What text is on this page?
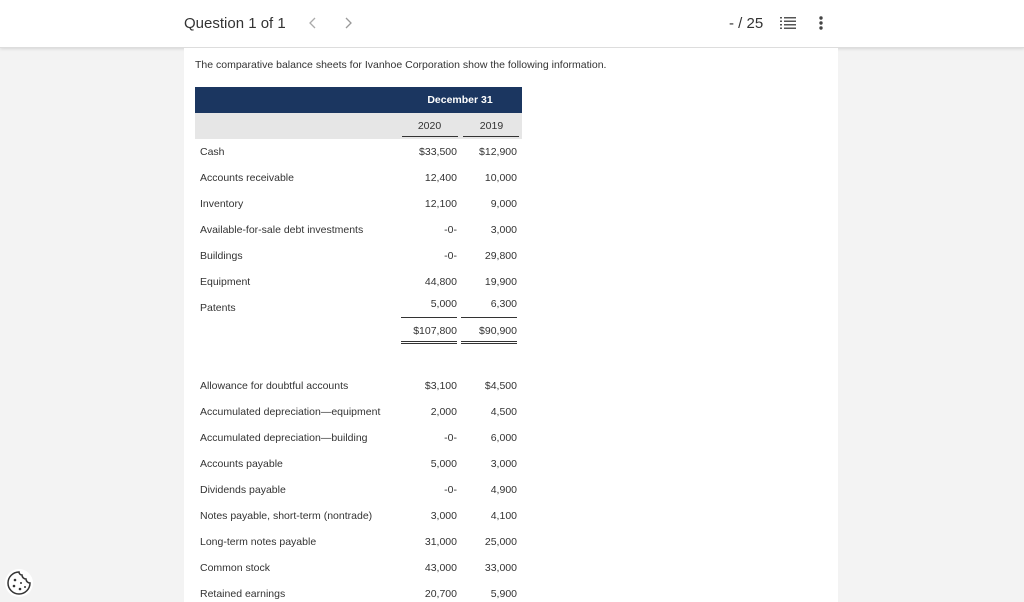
Question 1 of 1	- / 25

The comparative balance sheets for Ivanhoe Corporation show the following information.

	December 31	
	2020	2019
Cash	$33,500	$12,900
Accounts receivable	12,400	10,000
Inventory	12,100	9,000
Available-for-sale debt investments	-0-	3,000
Buildings	-0-	29,800
Equipment	44,800	19,900
Patents	5,000	6,300
	$107,800	$90,900

Allowance for doubtful accounts	$3,100	$4,500
Accumulated depreciation—equipment	2,000	4,500
Accumulated depreciation—building	-0-	6,000
Accounts payable	5,000	3,000
Dividends payable	-0-	4,900
Notes payable, short-term (nontrade)	3,000	4,100
Long-term notes payable	31,000	25,000
Common stock	43,000	33,000
Retained earnings	20,700	5,900
